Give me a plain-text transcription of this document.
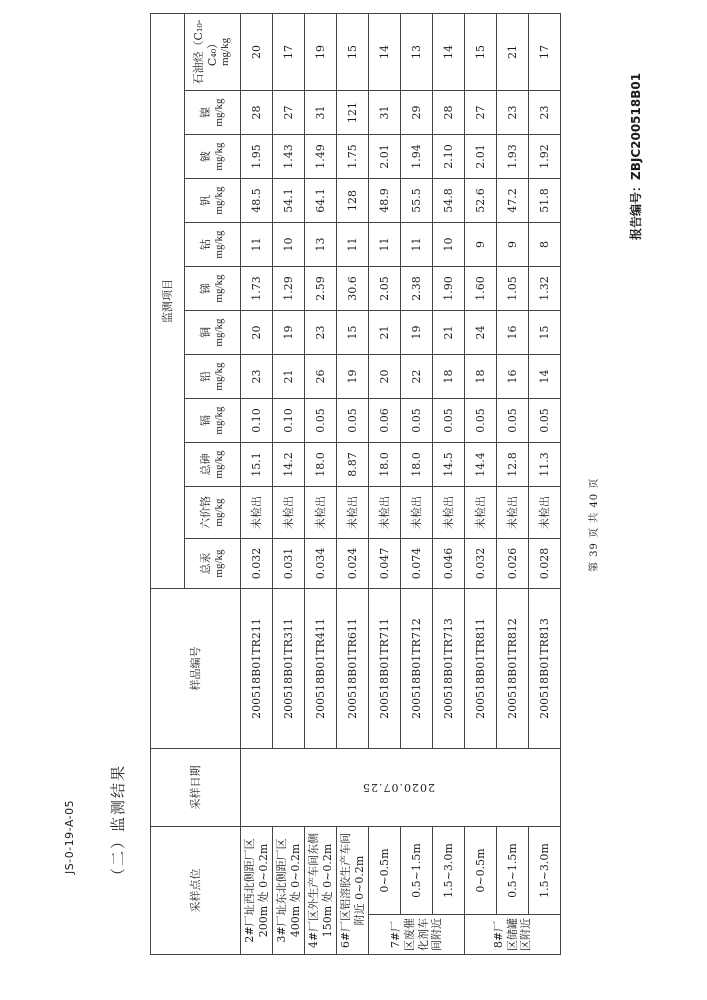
JS-0-19-A-05
报告编号：ZBJC200518B01
（二）监测结果
采样点位		采样日期	样品编号	监测项目											

				总汞 mg/kg	六价铬 mg/kg	总砷 mg/kg	镉 mg/kg	铅 mg/kg	铜 mg/kg	锑 mg/kg	钴 mg/kg	钒 mg/kg	铍 mg/kg	镍 mg/kg	石油烃（C₁₀-C₄₀） mg/kg

2#厂址西北侧距厂区200m 处 0~0.2m		2020.07.25	200518B01TR211	0.032	未检出	15.1	0.10	23	20	1.73	11	48.5	1.95	28	20
3#厂址东北侧距厂区400m 处 0~0.2m			200518B01TR311	0.031	未检出	14.2	0.10	21	19	1.29	10	54.1	1.43	27	17
4#厂区外生产车间东侧 150m 处 0~0.2m			200518B01TR411	0.034	未检出	18.0	0.05	26	23	2.59	13	64.1	1.49	31	19
6#厂区铝溶胶生产车间附近 0~0.2m			200518B01TR611	0.024	未检出	8.87	0.05	19	15	30.6	11	128	1.75	121	15
7#厂区废催化剂车间附近	0~0.5m		200518B01TR711	0.047	未检出	18.0	0.06	20	21	2.05	11	48.9	2.01	31	14
	0.5~1.5m		200518B01TR712	0.074	未检出	18.0	0.05	22	19	2.38	11	55.5	1.94	29	13
	1.5~3.0m		200518B01TR713	0.046	未检出	14.5	0.05	18	21	1.90	10	54.8	2.10	28	14
8#厂区储罐区附近	0~0.5m		200518B01TR811	0.032	未检出	14.4	0.05	18	24	1.60	9	52.6	2.01	27	15
	0.5~1.5m		200518B01TR812	0.026	未检出	12.8	0.05	16	16	1.05	9	47.2	1.93	23	21
	1.5~3.0m		200518B01TR813	0.028	未检出	11.3	0.05	14	15	1.32	8	51.8	1.92	23	17
第 39 页 共 40 页
